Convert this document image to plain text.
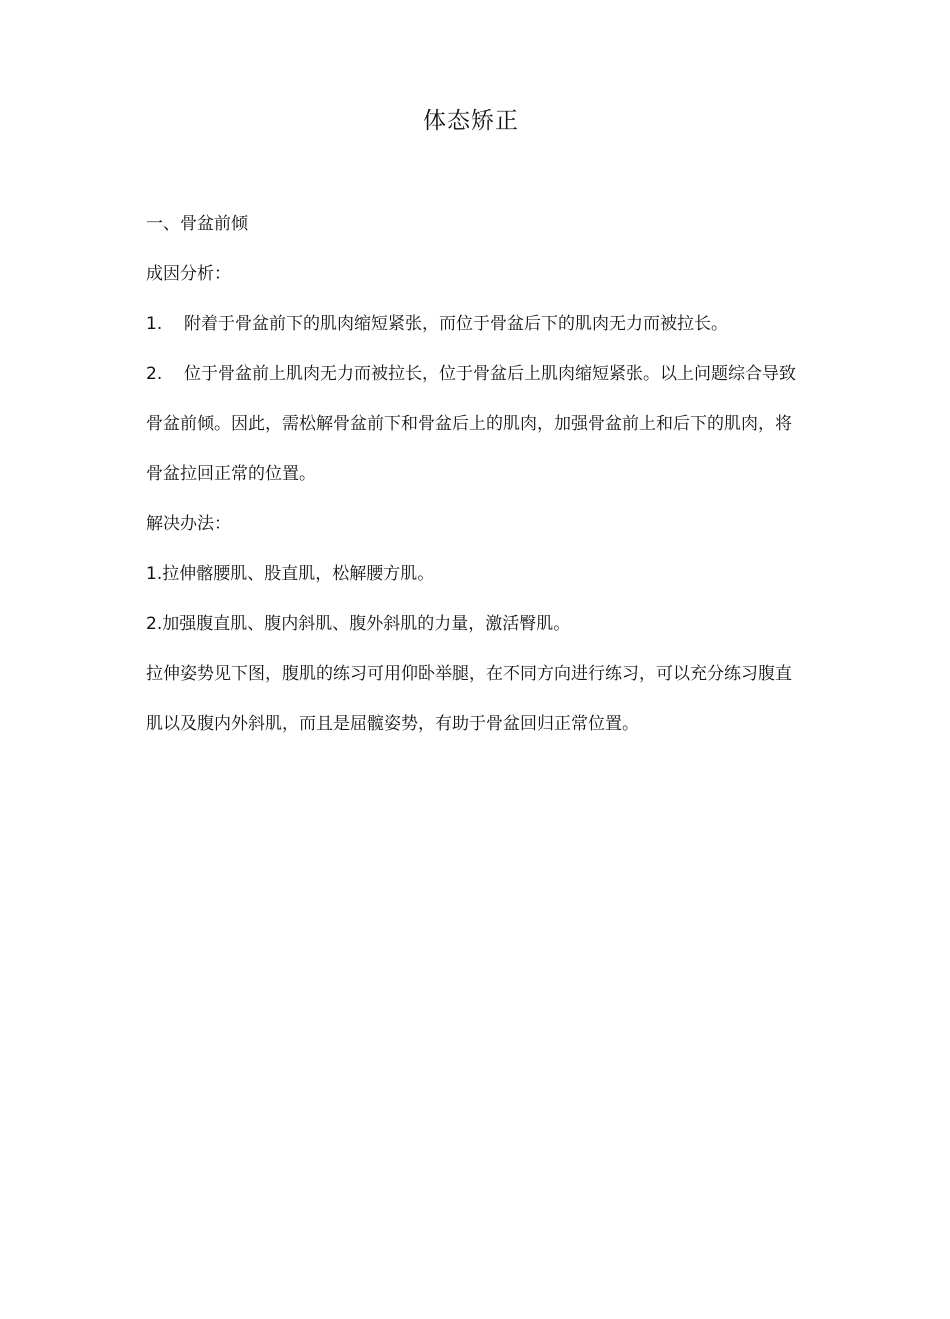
体态矫正

一、骨盆前倾

成因分析：

1. 附着于骨盆前下的肌肉缩短紧张，而位于骨盆后下的肌肉无力而被拉长。

2. 位于骨盆前上肌肉无力而被拉长，位于骨盆后上肌肉缩短紧张。以上问题综合导致骨盆前倾。因此，需松解骨盆前下和骨盆后上的肌肉，加强骨盆前上和后下的肌肉，将骨盆拉回正常的位置。

解决办法：

1.拉伸髂腰肌、股直肌，松解腰方肌。

2.加强腹直肌、腹内斜肌、腹外斜肌的力量，激活臀肌。

拉伸姿势见下图，腹肌的练习可用仰卧举腿，在不同方向进行练习，可以充分练习腹直肌以及腹内外斜肌，而且是屈髋姿势，有助于骨盆回归正常位置。
